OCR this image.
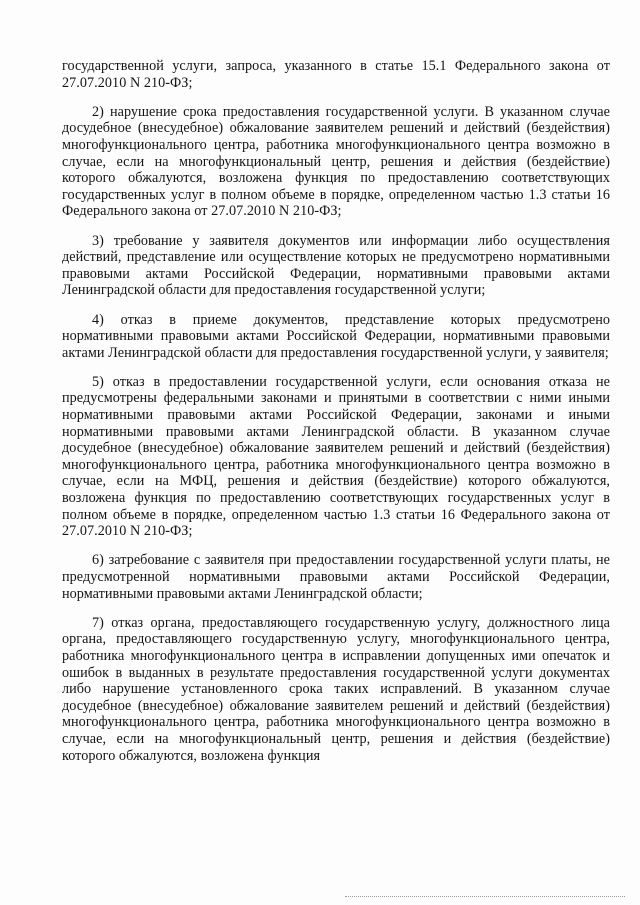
государственной услуги, запроса, указанного в статье 15.1 Федерального закона от 27.07.2010 N 210-ФЗ;

2) нарушение срока предоставления государственной услуги. В указанном случае досудебное (внесудебное) обжалование заявителем решений и действий (бездействия) многофункционального центра, работника многофункционального центра возможно в случае, если на многофункциональный центр, решения и действия (бездействие) которого обжалуются, возложена функция по предоставлению соответствующих государственных услуг в полном объеме в порядке, определенном частью 1.3 статьи 16 Федерального закона от 27.07.2010 N 210-ФЗ;

3) требование у заявителя документов или информации либо осуществления действий, представление или осуществление которых не предусмотрено нормативными правовыми актами Российской Федерации, нормативными правовыми актами Ленинградской области для предоставления государственной услуги;

4) отказ в приеме документов, представление которых предусмотрено нормативными правовыми актами Российской Федерации, нормативными правовыми актами Ленинградской области для предоставления государственной услуги, у заявителя;

5) отказ в предоставлении государственной услуги, если основания отказа не предусмотрены федеральными законами и принятыми в соответствии с ними иными нормативными правовыми актами Российской Федерации, законами и иными нормативными правовыми актами Ленинградской области. В указанном случае досудебное (внесудебное) обжалование заявителем решений и действий (бездействия) многофункционального центра, работника многофункционального центра возможно в случае, если на МФЦ, решения и действия (бездействие) которого обжалуются, возложена функция по предоставлению соответствующих государственных услуг в полном объеме в порядке, определенном частью 1.3 статьи 16 Федерального закона от 27.07.2010 N 210-ФЗ;

6) затребование с заявителя при предоставлении государственной услуги платы, не предусмотренной нормативными правовыми актами Российской Федерации, нормативными правовыми актами Ленинградской области;

7) отказ органа, предоставляющего государственную услугу, должностного лица органа, предоставляющего государственную услугу, многофункционального центра, работника многофункционального центра в исправлении допущенных ими опечаток и ошибок в выданных в результате предоставления государственной услуги документах либо нарушение установленного срока таких исправлений. В указанном случае досудебное (внесудебное) обжалование заявителем решений и действий (бездействия) многофункционального центра, работника многофункционального центра возможно в случае, если на многофункциональный центр, решения и действия (бездействие) которого обжалуются, возложена функция
